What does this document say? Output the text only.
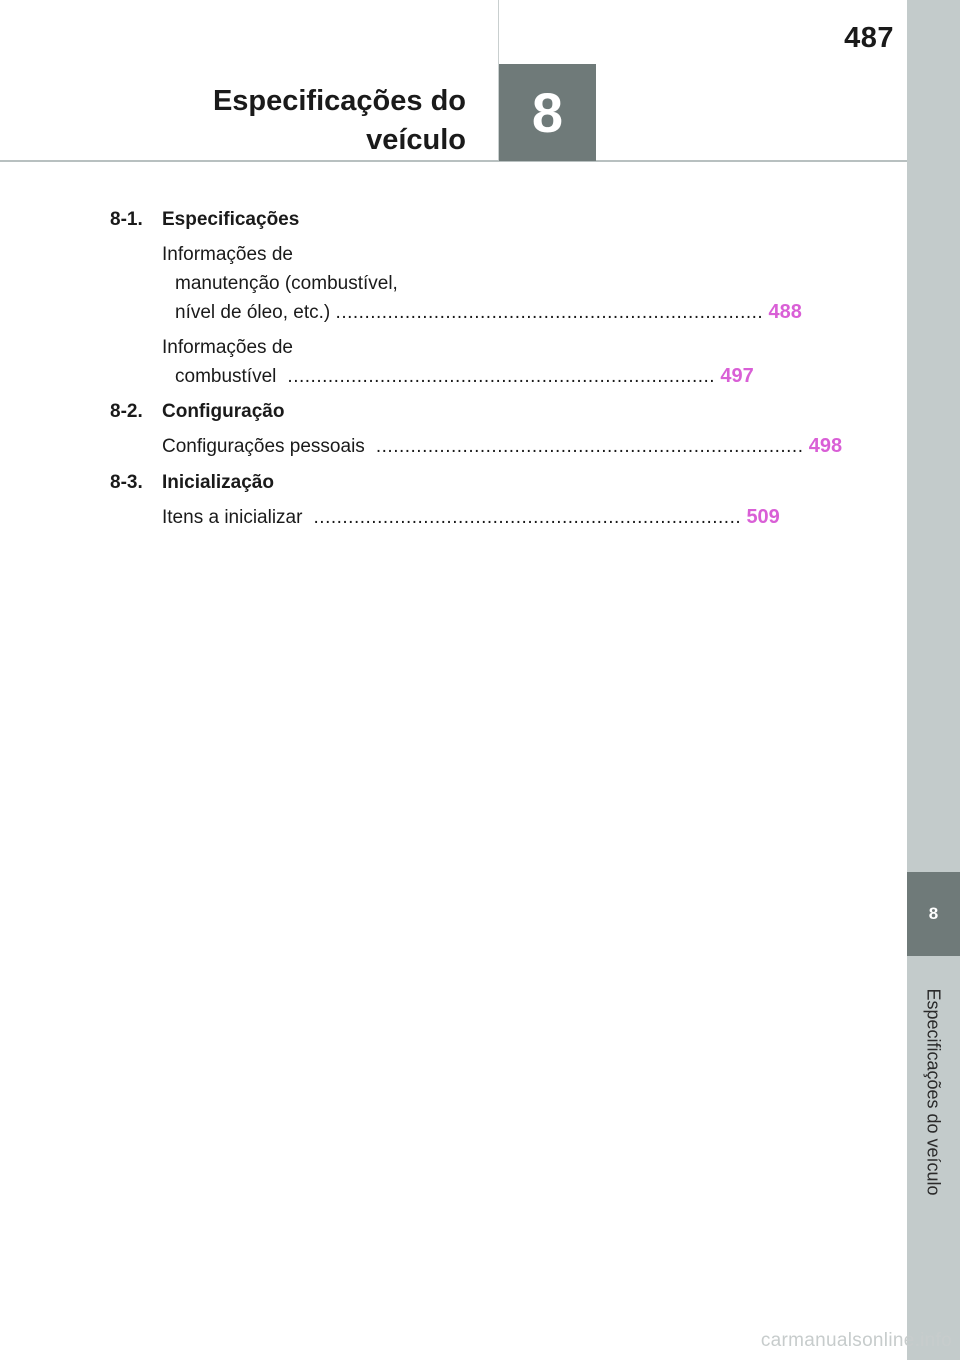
487
8
Especificações do
veículo
8
Especificações do veículo
8-1. Especificações
Informações de
manutenção (combustível,
nível de óleo, etc.) .......................................................................... 488
Informações de
combustível  .......................................................................... 497
8-2. Configuração
Configurações pessoais  .......................................................................... 498
8-3. Inicialização
Itens a inicializar  .......................................................................... 509
carmanualsonline.info
